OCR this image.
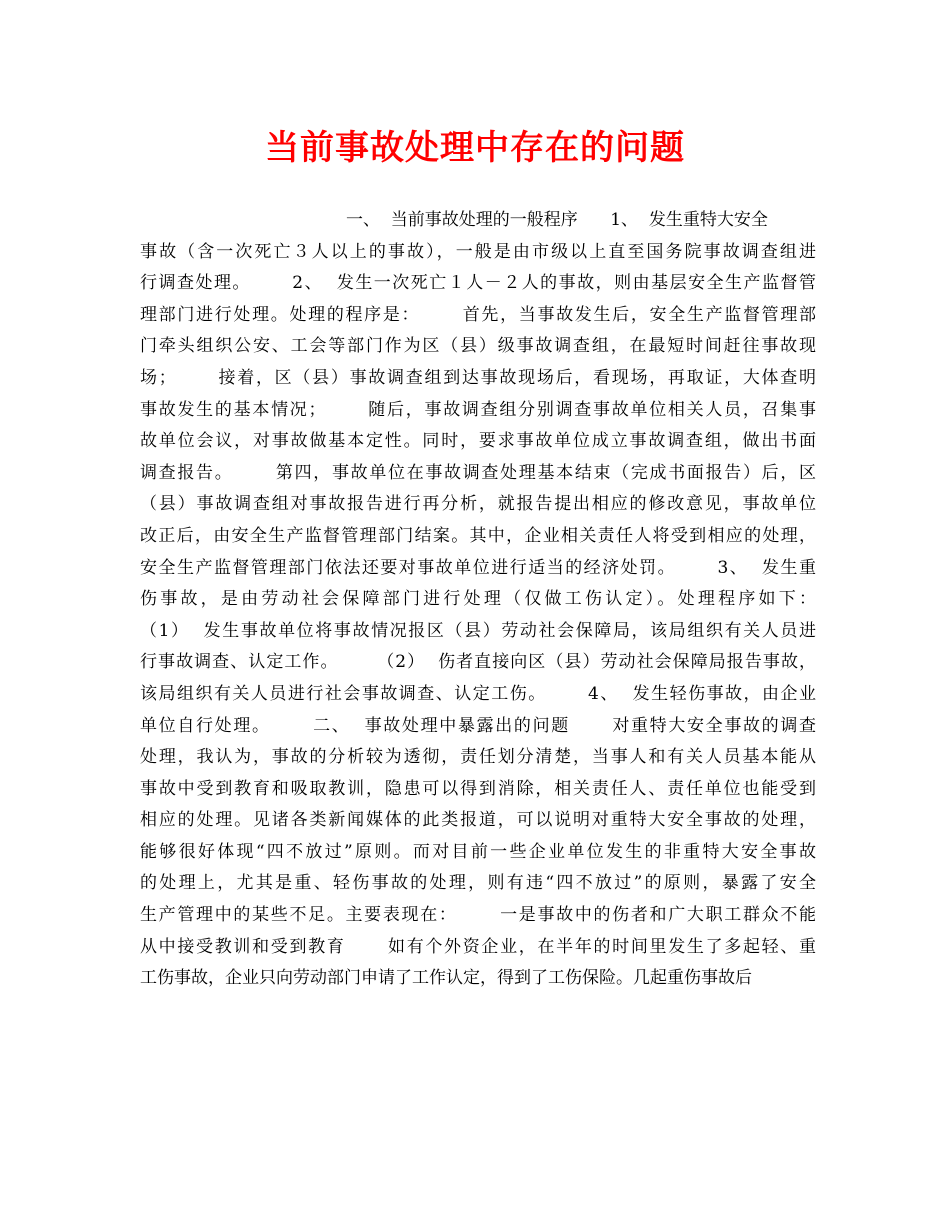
当前事故处理中存在的问题
一、  当前事故处理的一般程序      1、  发生重特大安全
事故（含一次死亡３人以上的事故），一般是由市级以上直至国务院事故调查组进
行调查处理。      2、  发生一次死亡１人－２人的事故，则由基层安全生产监督管
理部门进行处理。处理的程序是：      首先，当事故发生后，安全生产监督管理部
门牵头组织公安、工会等部门作为区（县）级事故调查组，在最短时间赶往事故现
场；      接着，区（县）事故调查组到达事故现场后，看现场，再取证，大体查明
事故发生的基本情况；      随后，事故调查组分别调查事故单位相关人员，召集事
故单位会议，对事故做基本定性。同时，要求事故单位成立事故调查组，做出书面
调查报告。      第四，事故单位在事故调查处理基本结束（完成书面报告）后，区
（县）事故调查组对事故报告进行再分析，就报告提出相应的修改意见，事故单位
改正后，由安全生产监督管理部门结案。其中，企业相关责任人将受到相应的处理，
安全生产监督管理部门依法还要对事故单位进行适当的经济处罚。      3、  发生重
伤事故，是由劳动社会保障部门进行处理（仅做工伤认定）。处理程序如下：
（1）  发生事故单位将事故情况报区（县）劳动社会保障局，该局组织有关人员进
行事故调查、认定工作。      （2）  伤者直接向区（县）劳动社会保障局报告事故，
该局组织有关人员进行社会事故调查、认定工伤。      4、  发生轻伤事故，由企业
单位自行处理。      二、  事故处理中暴露出的问题      对重特大安全事故的调查
处理，我认为，事故的分析较为透彻，责任划分清楚，当事人和有关人员基本能从
事故中受到教育和吸取教训，隐患可以得到消除，相关责任人、责任单位也能受到
相应的处理。见诸各类新闻媒体的此类报道，可以说明对重特大安全事故的处理，
能够很好体现“四不放过”原则。而对目前一些企业单位发生的非重特大安全事故
的处理上，尤其是重、轻伤事故的处理，则有违“四不放过”的原则，暴露了安全
生产管理中的某些不足。主要表现在：      一是事故中的伤者和广大职工群众不能
从中接受教训和受到教育      如有个外资企业，在半年的时间里发生了多起轻、重
工伤事故，企业只向劳动部门申请了工作认定，得到了工伤保险。几起重伤事故后
